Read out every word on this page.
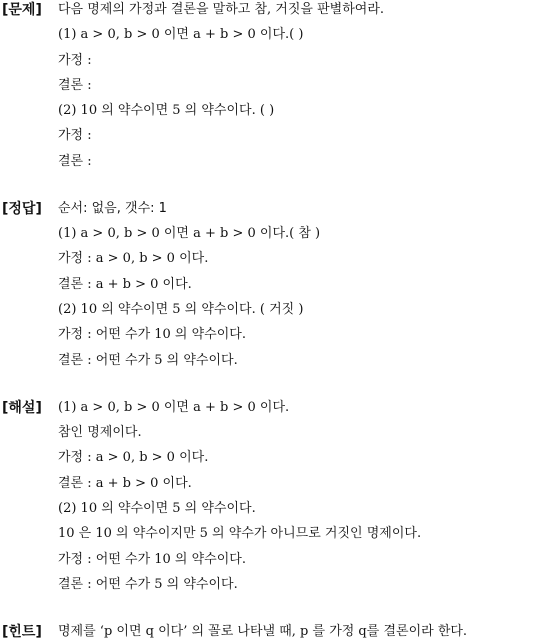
[문제] 다음 명제의 가정과 결론을 말하고 참, 거짓을 판별하여라.
(1) a > 0, b > 0 이면 a + b > 0 이다.( )
가정 :
결론 :
(2) 10 의 약수이면 5 의 약수이다. ( )
가정 :
결론 :
[정답] 순서: 없음, 갯수: 1
(1) a > 0, b > 0 이면 a + b > 0 이다.( 참 )
가정 : a > 0, b > 0 이다.
결론 : a + b > 0 이다.
(2) 10 의 약수이면 5 의 약수이다. ( 거짓 )
가정 : 어떤 수가 10 의 약수이다.
결론 : 어떤 수가 5 의 약수이다.
[해설] (1) a > 0, b > 0 이면 a + b > 0 이다.
참인 명제이다.
가정 : a > 0, b > 0 이다.
결론 : a + b > 0 이다.
(2) 10 의 약수이면 5 의 약수이다.
10 은 10 의 약수이지만 5 의 약수가 아니므로 거짓인 명제이다.
가정 : 어떤 수가 10 의 약수이다.
결론 : 어떤 수가 5 의 약수이다.
[힌트] 명제를 ‘p 이면 q 이다’ 의 꼴로 나타낼 때, p 를 가정 q를 결론이라 한다.
